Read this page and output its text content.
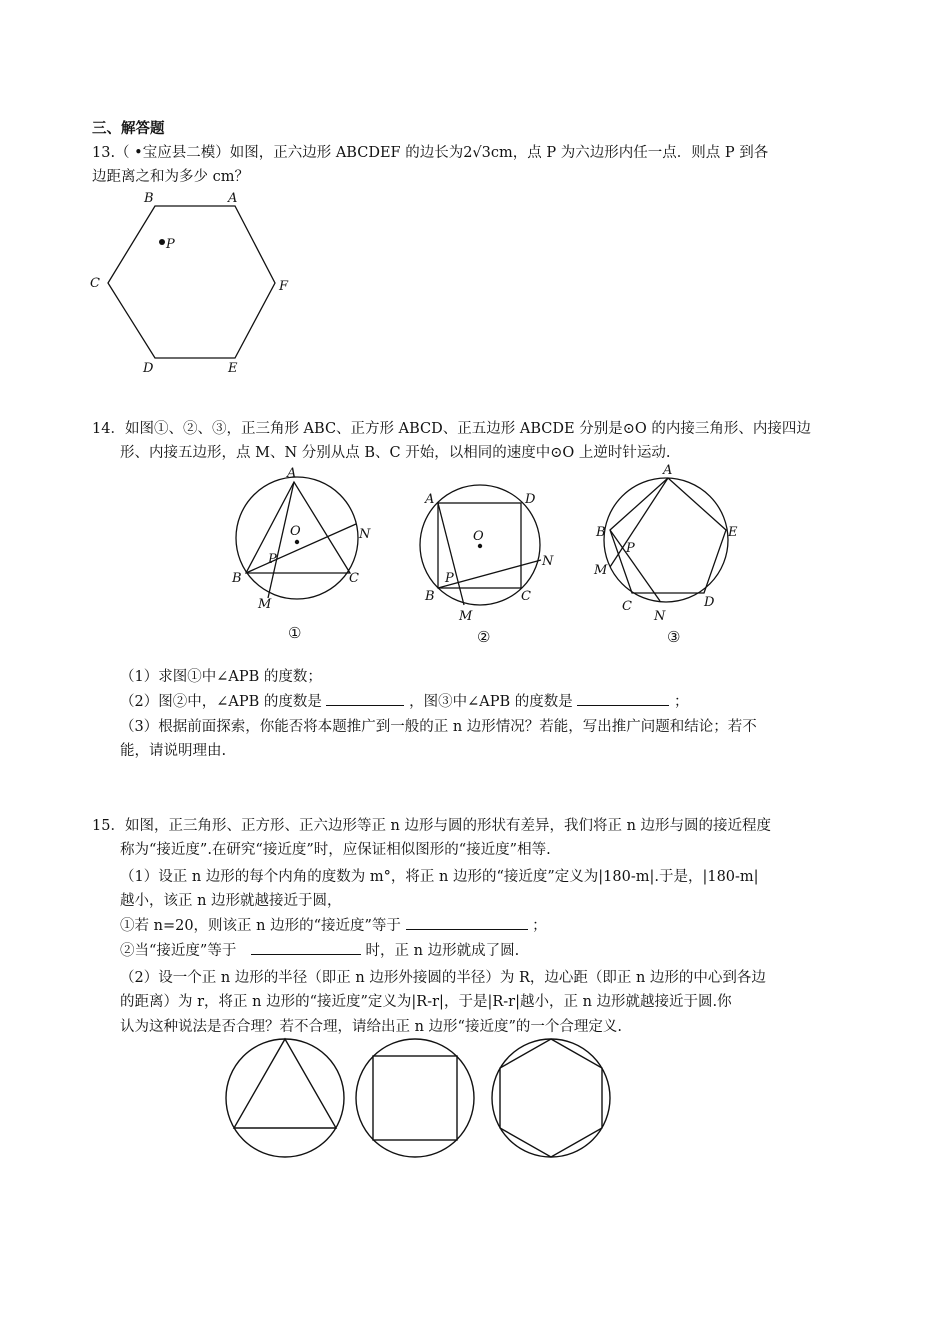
三、解答题
13.（ •宝应县二模）如图，正六边形 ABCDEF 的边长为2√3cm，点 P 为六边形内任一点．则点 P 到各
边距离之和为多少 cm？
P
B	A
C	F
D	E
14．如图①、②、③，正三角形 ABC、正方形 ABCD、正五边形 ABCDE 分别是⊙O 的内接三角形、内接四边
形、内接五边形，点 M、N 分别从点 B、C 开始，以相同的速度中⊙O 上逆时针运动.
O
A
B	C
N
M
P
①
O
A	D
B	C
N
M
P
②
A
B	E
C	D
M
N
P
③
（1）求图①中∠APB 的度数；
（2）图②中，∠APB 的度数是	，图③中∠APB 的度数是	；
（3）根据前面探索，你能否将本题推广到一般的正 n 边形情况？若能，写出推广问题和结论；若不
能，请说明理由.
15．如图，正三角形、正方形、正六边形等正 n 边形与圆的形状有差异，我们将正 n 边形与圆的接近程度
称为“接近度”.在研究“接近度”时，应保证相似图形的“接近度”相等.
（1）设正 n 边形的每个内角的度数为 m°，将正 n 边形的“接近度”定义为|180-m|.于是，|180-m|
越小，该正 n 边形就越接近于圆，
①若 n=20，则该正 n 边形的“接近度”等于	；
②当“接近度”等于	时，正 n 边形就成了圆.
（2）设一个正 n 边形的半径（即正 n 边形外接圆的半径）为 R，边心距（即正 n 边形的中心到各边
的距离）为 r，将正 n 边形的“接近度”定义为|R-r|，于是|R-r|越小，正 n 边形就越接近于圆.你
认为这种说法是否合理？若不合理，请给出正 n 边形“接近度”的一个合理定义.
